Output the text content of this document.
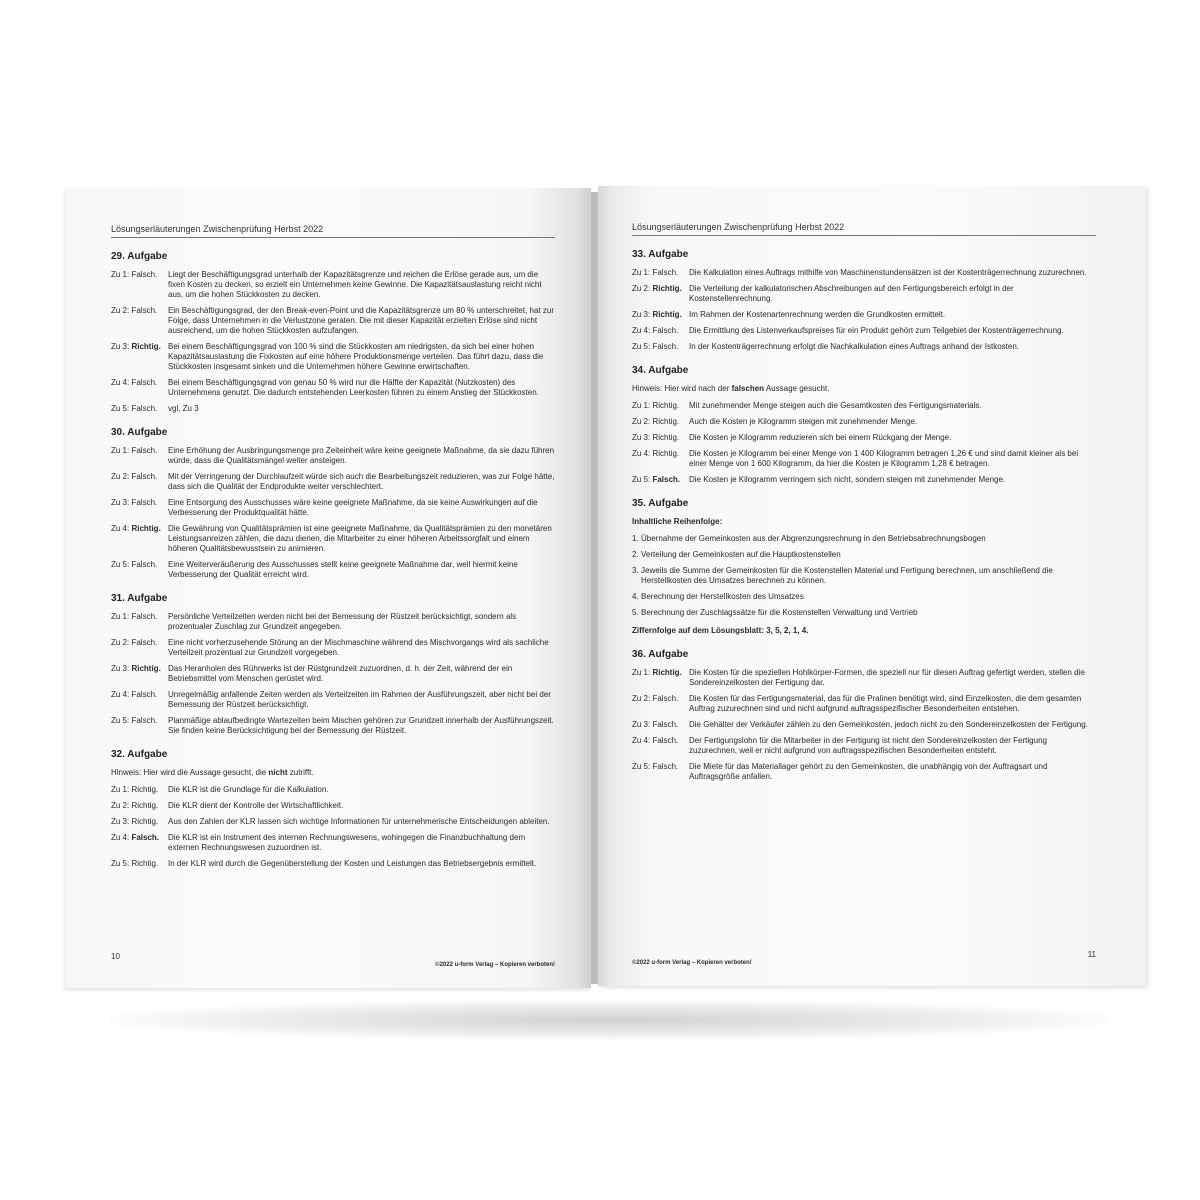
Lösungserläuterungen Zwischenprüfung Herbst 2022
29. Aufgabe
Zu 1: Falsch.	Liegt der Beschäftigungsgrad unterhalb der Kapazitätsgrenze und reichen die Erlöse gerade aus, um die fixen Kosten zu decken, so erzielt ein Unternehmen keine Gewinne. Die Kapazitätsauslastung reicht nicht aus, um die hohen Stückkosten zu decken.
Zu 2: Falsch.	Ein Beschäftigungsgrad, der den Break-even-Point und die Kapazitätsgrenze um 80 % unterschreitet, hat zur Folge, dass Unternehmen in die Verlustzone geraten. Die mit dieser Kapazität erzielten Erlöse sind nicht ausreichend, um die hohen Stückkosten aufzufangen.
Zu 3: Richtig. Bei einem Beschäftigungsgrad von 100 % sind die Stückkosten am niedrigsten, da sich bei einer hohen Kapazitätsauslastung die Fixkosten auf eine höhere Produktionsmenge verteilen. Das führt dazu, dass die Stückkosten insgesamt sinken und die Unternehmen höhere Gewinne erwirtschaften.
Zu 4: Falsch.	Bei einem Beschäftigungsgrad von genau 50 % wird nur die Hälfte der Kapazität (Nutzkosten) des Unternehmens genutzt. Die dadurch entstehenden Leerkosten führen zu einem Anstieg der Stückkosten.
Zu 5: Falsch.	vgl. Zu 3
30. Aufgabe
Zu 1: Falsch.	Eine Erhöhung der Ausbringungsmenge pro Zeiteinheit wäre keine geeignete Maßnahme, da sie dazu führen würde, dass die Qualitätsmängel weiter ansteigen.
Zu 2: Falsch.	Mit der Verringerung der Durchlaufzeit würde sich auch die Bearbeitungszeit reduzieren, was zur Folge hätte, dass sich die Qualität der Endprodukte weiter verschlechtert.
Zu 3: Falsch.	Eine Entsorgung des Ausschusses wäre keine geeignete Maßnahme, da sie keine Auswirkungen auf die Verbesserung der Produktqualität hätte.
Zu 4: Richtig. Die Gewährung von Qualitätsprämien ist eine geeignete Maßnahme, da Qualitätsprämien zu den monetären Leistungsanreizen zählen, die dazu dienen, die Mitarbeiter zu einer höheren Arbeitssorgfalt und einem höheren Qualitätsbewusstsein zu animieren.
Zu 5: Falsch.	Eine Weiterveräußerung des Ausschusses stellt keine geeignete Maßnahme dar, weil hiermit keine Verbesserung der Qualität erreicht wird.
31. Aufgabe
Zu 1: Falsch.	Persönliche Verteilzeiten werden nicht bei der Bemessung der Rüstzeit berücksichtigt, sondern als prozentualer Zuschlag zur Grundzeit angegeben.
Zu 2: Falsch.	Eine nicht vorherzusehende Störung an der Mischmaschine während des Mischvorgangs wird als sachliche Verteilzeit prozentual zur Grundzeit vorgegeben.
Zu 3: Richtig. Das Heranholen des Rührwerks ist der Rüstgrundzeit zuzuordnen, d. h. der Zeit, während der ein Betriebsmittel vom Menschen gerüstet wird.
Zu 4: Falsch.	Unregelmäßig anfallende Zeiten werden als Verteilzeiten im Rahmen der Ausführungszeit, aber nicht bei der Bemessung der Rüstzeit berücksichtigt.
Zu 5: Falsch.	Planmäßige ablaufbedingte Wartezeiten beim Mischen gehören zur Grundzeit innerhalb der Ausführungszeit. Sie finden keine Berücksichtigung bei der Bemessung der Rüstzeit.
32. Aufgabe
Hinweis: Hier wird die Aussage gesucht, die nicht zutrifft.
Zu 1: Richtig.	Die KLR ist die Grundlage für die Kalkulation.
Zu 2: Richtig.	Die KLR dient der Kontrolle der Wirtschaftlichkeit.
Zu 3: Richtig.	Aus den Zahlen der KLR lassen sich wichtige Informationen für unternehmerische Entscheidungen ableiten.
Zu 4: Falsch.	Die KLR ist ein Instrument des internen Rechnungswesens, wohingegen die Finanzbuchhaltung dem externen Rechnungswesen zuzuordnen ist.
Zu 5: Richtig.	In der KLR wird durch die Gegenüberstellung der Kosten und Leistungen das Betriebsergebnis ermittelt.
10
©2022 u-form Verlag – Kopieren verboten!
Lösungserläuterungen Zwischenprüfung Herbst 2022
33. Aufgabe
Zu 1: Falsch.	Die Kalkulation eines Auftrags mithilfe von Maschinenstundensätzen ist der Kostenträgerrechnung zuzurechnen.
Zu 2: Richtig. Die Verteilung der kalkulatorischen Abschreibungen auf den Fertigungsbereich erfolgt in der Kostenstellenrechnung.
Zu 3: Richtig. Im Rahmen der Kostenartenrechnung werden die Grundkosten ermittelt.
Zu 4: Falsch.	Die Ermittlung des Listenverkaufspreises für ein Produkt gehört zum Teilgebiet der Kostenträgerrechnung.
Zu 5: Falsch.	In der Kostenträgerrechnung erfolgt die Nachkalkulation eines Auftrags anhand der Istkosten.
34. Aufgabe
Hinweis: Hier wird nach der falschen Aussage gesucht.
Zu 1: Richtig.	Mit zunehmender Menge steigen auch die Gesamtkosten des Fertigungsmaterials.
Zu 2: Richtig.	Auch die Kosten je Kilogramm steigen mit zunehmender Menge.
Zu 3: Richtig.	Die Kosten je Kilogramm reduzieren sich bei einem Rückgang der Menge.
Zu 4: Richtig.	Die Kosten je Kilogramm bei einer Menge von 1 400 Kilogramm betragen 1,26 € und sind damit kleiner als bei einer Menge von 1 600 Kilogramm, da hier die Kosten je Kilogramm 1,28 € betragen.
Zu 5: Falsch.	Die Kosten je Kilogramm verringern sich nicht, sondern steigen mit zunehmender Menge.
35. Aufgabe
Inhaltliche Reihenfolge:
1. Übernahme der Gemeinkosten aus der Abgrenzungsrechnung in den Betriebsabrechnungsbogen
2. Verteilung der Gemeinkosten auf die Hauptkostenstellen
3. Jeweils die Summe der Gemeinkosten für die Kostenstellen Material und Fertigung berechnen, um anschließend die Herstellkosten des Umsatzes berechnen zu können.
4. Berechnung der Herstellkosten des Umsatzes
5. Berechnung der Zuschlagssätze für die Kostenstellen Verwaltung und Vertrieb
Ziffernfolge auf dem Lösungsblatt: 3, 5, 2, 1, 4.
36. Aufgabe
Zu 1: Richtig. Die Kosten für die speziellen Hohlkörper-Formen, die speziell nur für diesen Auftrag gefertigt werden, stellen die Sondereinzelkosten der Fertigung dar.
Zu 2: Falsch.	Die Kosten für das Fertigungsmaterial, das für die Pralinen benötigt wird, sind Einzelkosten, die dem gesamten Auftrag zuzurechnen sind und nicht aufgrund auftragsspezifischer Besonderheiten entstehen.
Zu 3: Falsch.	Die Gehälter der Verkäufer zählen zu den Gemeinkosten, jedoch nicht zu den Sondereinzelkosten der Fertigung.
Zu 4: Falsch.	Der Fertigungslohn für die Mitarbeiter in der Fertigung ist nicht den Sondereinzelkosten der Fertigung zuzurechnen, weil er nicht aufgrund von auftragsspezifischen Besonderheiten entsteht.
Zu 5: Falsch.	Die Miete für das Materiallager gehört zu den Gemeinkosten, die unabhängig von der Auftragsart und Auftragsgröße anfallen.
©2022 u-form Verlag – Kopieren verboten!
11
